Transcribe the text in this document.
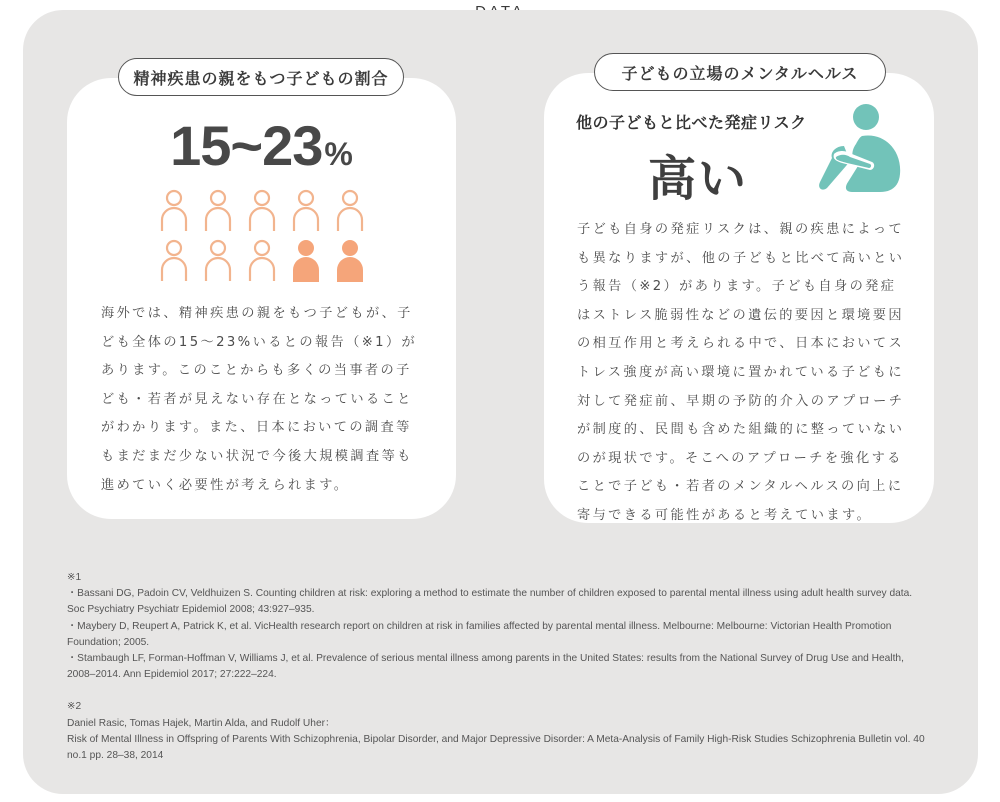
精神疾患の親をもつ子どもの割合
15~23%
海外では、精神疾患の親をもつ子どもが、子ども全体の15〜23%いるとの報告（※1）があります。このことからも多くの当事者の子ども・若者が見えない存在となっていることがわかります。また、日本においての調査等もまだまだ少ない状況で今後大規模調査等も進めていく必要性が考えられます。
子どもの立場のメンタルヘルス
他の子どもと比べた発症リスク
高い
子ども自身の発症リスクは、親の疾患によっても異なりますが、他の子どもと比べて高いという報告（※2）があります。子ども自身の発症はストレス脆弱性などの遺伝的要因と環境要因の相互作用と考えられる中で、日本においてストレス強度が高い環境に置かれている子どもに対して発症前、早期の予防的介入のアプローチが制度的、民間も含めた組織的に整っていないのが現状です。そこへのアプローチを強化することで子ども・若者のメンタルヘルスの向上に寄与できる可能性があると考えています。

※1

・Bassani DG, Padoin CV, Veldhuizen S. Counting children at risk: exploring a method to estimate the number of children exposed to parental mental illness using adult health survey data. Soc Psychiatry Psychiatr Epidemiol 2008; 43:927–935.

・Maybery D, Reupert A, Patrick K, et al. VicHealth research report on children at risk in families affected by parental mental illness. Melbourne: Melbourne: Victorian Health Promotion Foundation; 2005.

・Stambaugh LF, Forman-Hoffman V, Williams J, et al. Prevalence of serious mental illness among parents in the United States: results from the National Survey of Drug Use and Health, 2008–2014. Ann Epidemiol 2017; 27:222–224.

※2

Daniel Rasic, Tomas Hajek, Martin Alda, and Rudolf Uher：

Risk of Mental Illness in Offspring of Parents With Schizophrenia, Bipolar Disorder, and Major Depressive Disorder: A Meta-Analysis of Family High-Risk Studies Schizophrenia Bulletin vol. 40 no.1 pp. 28–38, 2014
